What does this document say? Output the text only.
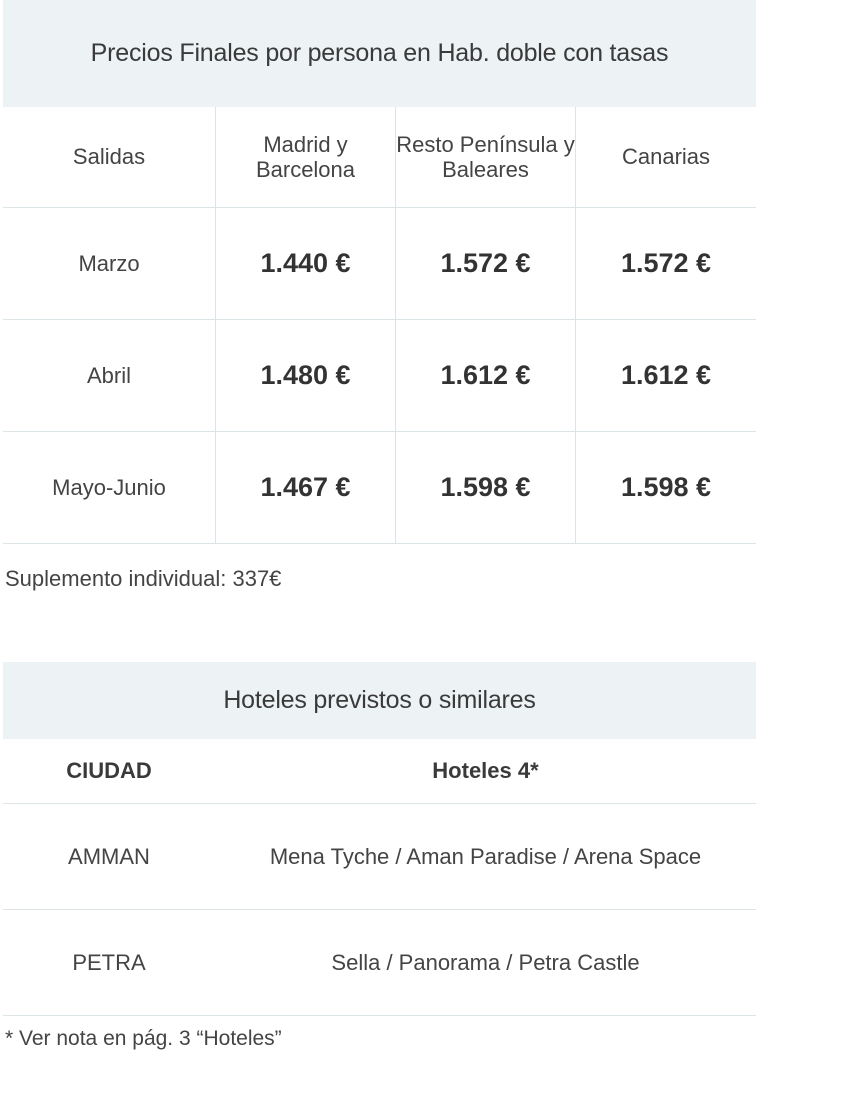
Precios Finales por persona en Hab. doble con tasas
Salidas	Madrid y Barcelona	Resto Península y Baleares	Canarias
Marzo	1.440 €	1.572 €	1.572 €
Abril	1.480 €	1.612 €	1.612 €
Mayo-Junio	1.467 €	1.598 €	1.598 €
Suplemento individual: 337€
Hoteles previstos o similares
CIUDAD	Hoteles 4*
AMMAN	Mena Tyche / Aman Paradise / Arena Space
PETRA	Sella / Panorama / Petra Castle
* Ver nota en pág. 3 “Hoteles”
